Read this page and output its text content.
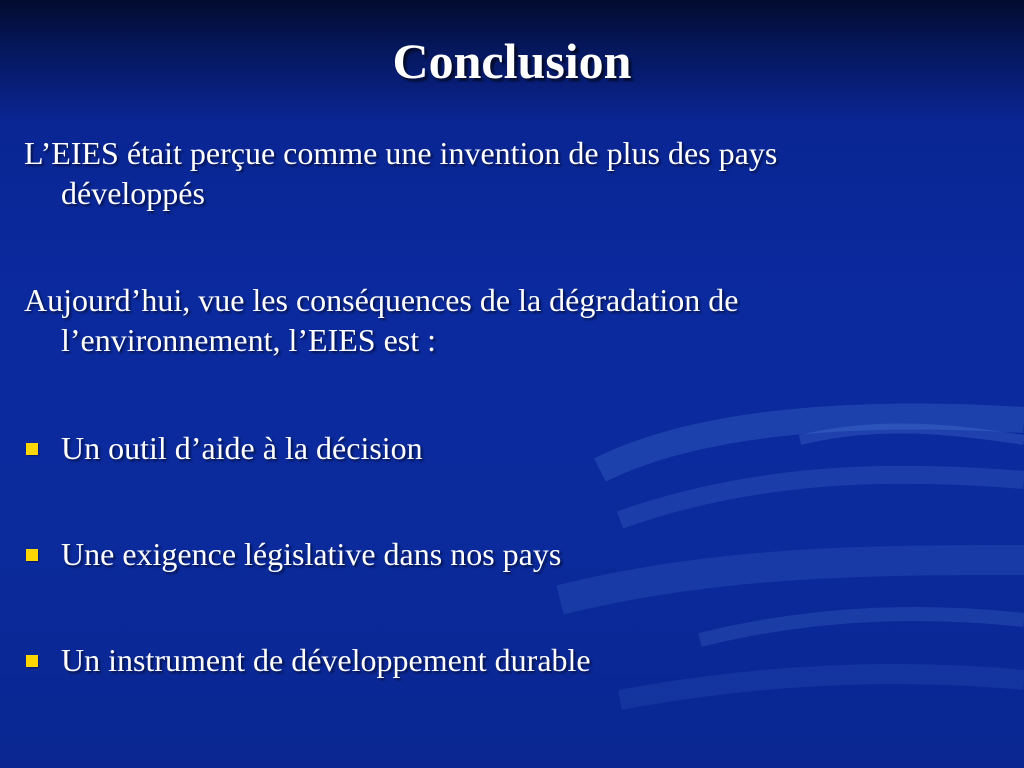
Conclusion
L’EIES était perçue comme une invention de plus des pays
développés
Aujourd’hui, vue les conséquences de la dégradation de
l’environnement, l’EIES est :
Un outil d’aide à la décision
Une exigence législative dans nos pays
Un instrument de développement durable
